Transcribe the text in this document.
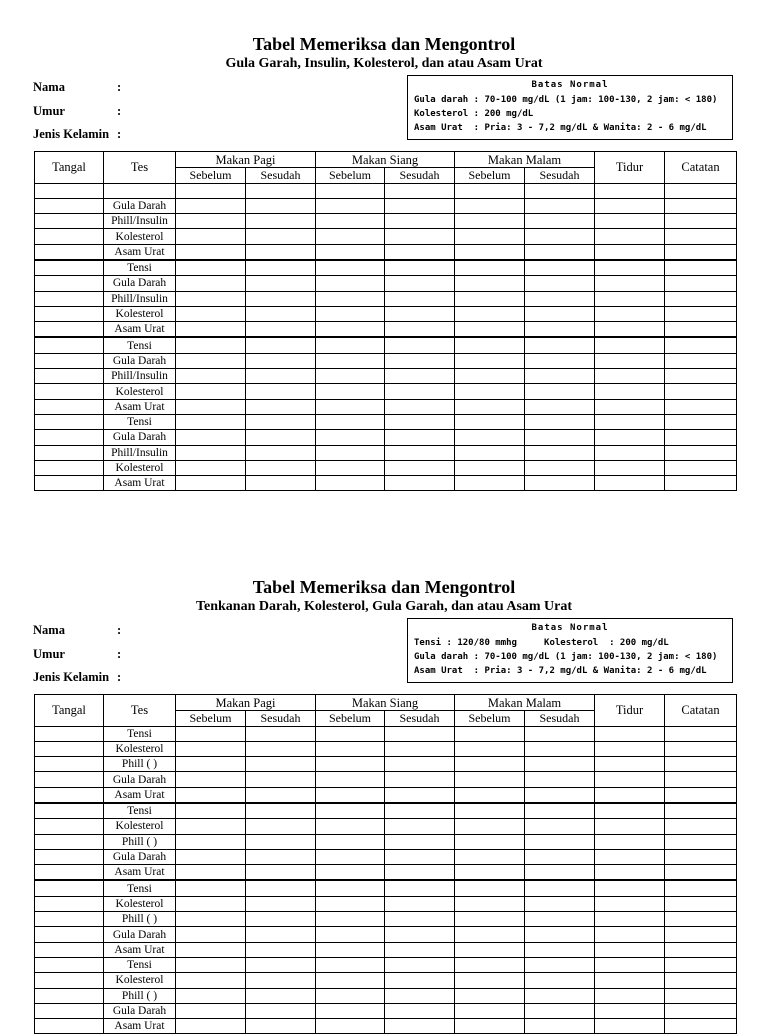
Tabel Memeriksa dan Mengontrol
Gula Garah, Insulin, Kolesterol, dan atau Asam Urat
Nama	:
Umur	:
Jenis Kelamin :
Batas Normal
Gula darah : 70-100 mg/dL (1 jam: 100-130, 2 jam: < 180)
Kolesterol : 200 mg/dL
Asam Urat  : Pria: 3 - 7,2 mg/dL & Wanita: 2 - 6 mg/dL
Tangal	Tes	Makan Pagi		Makan Siang		Makan Malam		Tidur	Catatan
		Sebelum	Sesudah	Sebelum	Sesudah	Sebelum	Sesudah		

	Gula Darah								
	Phill/Insulin								
	Kolesterol								
	Asam Urat								
	Tensi								
	Gula Darah								
	Phill/Insulin								
	Kolesterol								
	Asam Urat								
	Tensi								
	Gula Darah								
	Phill/Insulin								
	Kolesterol								
	Asam Urat								
	Tensi								
	Gula Darah								
	Phill/Insulin								
	Kolesterol								
	Asam Urat								
Tabel Memeriksa dan Mengontrol
Tenkanan Darah, Kolesterol, Gula Garah, dan atau Asam Urat
Nama	:
Umur	:
Jenis Kelamin :
Batas Normal
Tensi : 120/80 mmhg     Kolesterol  : 200 mg/dL
Gula darah : 70-100 mg/dL (1 jam: 100-130, 2 jam: < 180)
Asam Urat  : Pria: 3 - 7,2 mg/dL & Wanita: 2 - 6 mg/dL
Tangal	Tes	Makan Pagi		Makan Siang		Makan Malam		Tidur	Catatan
		Sebelum	Sesudah	Sebelum	Sesudah	Sebelum	Sesudah		
	Tensi								
	Kolesterol								
	Phill ( )								
	Gula Darah								
	Asam Urat								
	Tensi								
	Kolesterol								
	Phill ( )								
	Gula Darah								
	Asam Urat								
	Tensi								
	Kolesterol								
	Phill ( )								
	Gula Darah								
	Asam Urat								
	Tensi								
	Kolesterol								
	Phill ( )								
	Gula Darah								
	Asam Urat								
